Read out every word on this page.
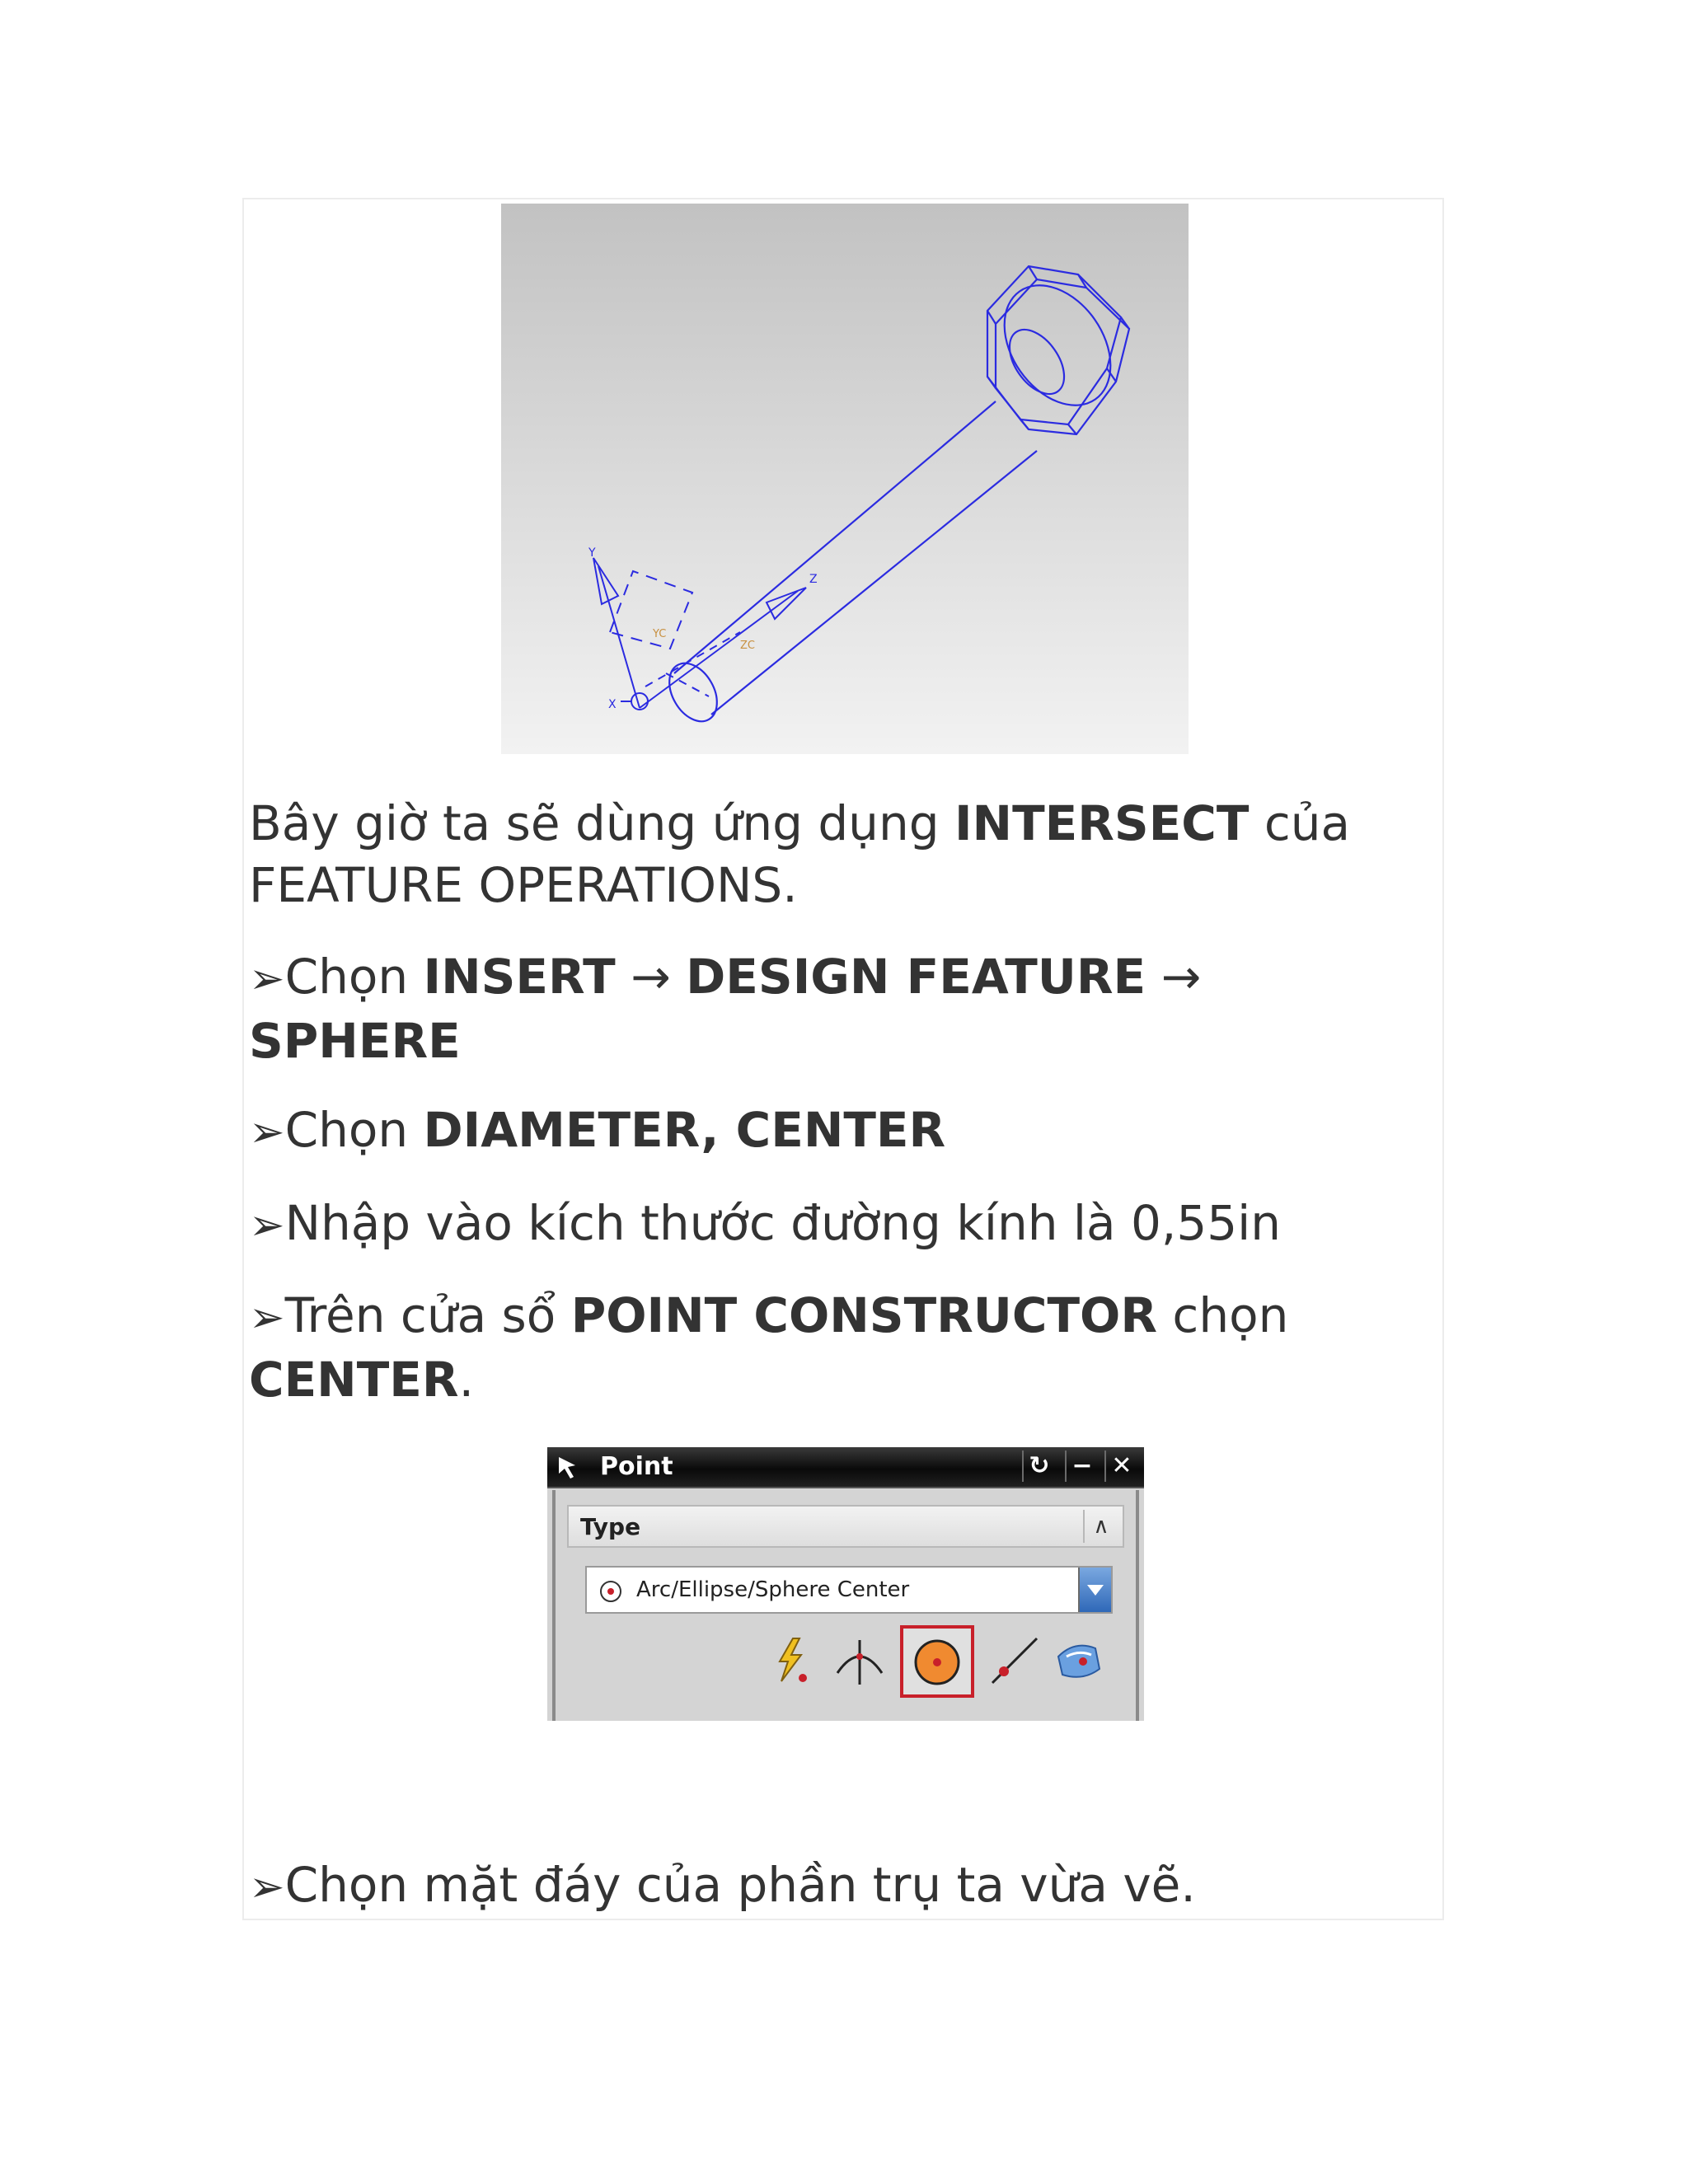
Y
Z
X
YC
ZC

Bây giờ ta sẽ dùng ứng dụng INTERSECT của FEATURE OPERATIONS.

➢Chọn INSERT → DESIGN FEATURE →
SPHERE

➢Chọn DIAMETER, CENTER

➢Nhập vào kích thước đường kính là 0,55in

➢Trên cửa sổ POINT CONSTRUCTOR chọn CENTER.

Point	↻ − ✕
Type	∧
Arc/Ellipse/Sphere Center

➢Chọn mặt đáy của phần trụ ta vừa vẽ.
